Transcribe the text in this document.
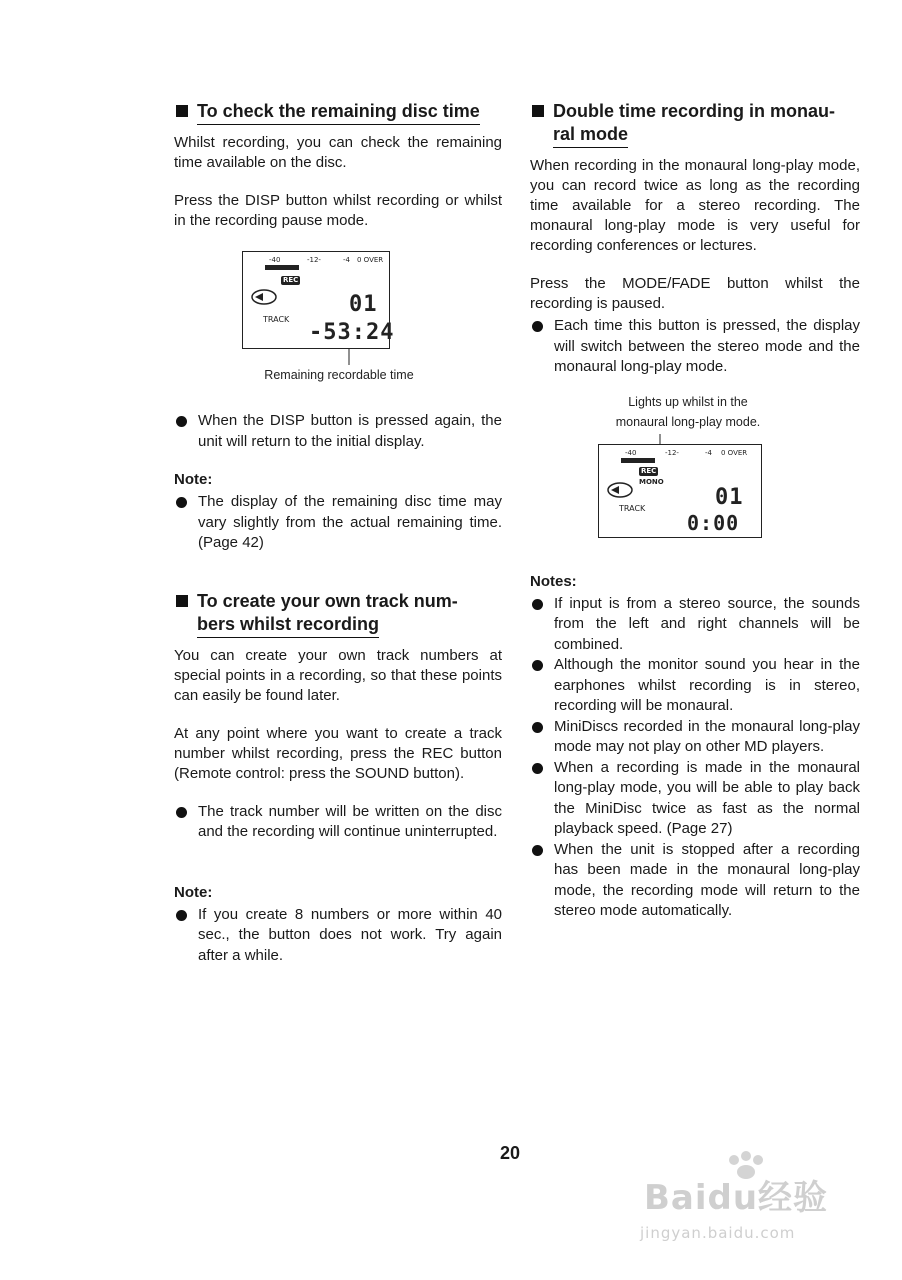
To check the remaining disc time

Whilst recording, you can check the remaining time available on the disc.

Press the DISP button whilst recording or whilst in the recording pause mode.

-40	-12-	-4 0 OVER
REC
TRACK
01
-53:24
Remaining recordable time
When the DISP button is pressed again, the unit will return to the initial display.
Note:
The display of the remaining disc time may vary slightly from the actual remaining time. (Page 42)
To create your own track num-
bers whilst recording

You can create your own track numbers at special points in a recording, so that these points can easily be found later.

At any point where you want to create a track number whilst recording, press the REC button (Remote control: press the SOUND button).

The track number will be written on the disc and the recording will continue uninterrupted.
Note:
If you create 8 numbers or more within 40 sec., the button does not work. Try again after a while.
Double time recording in monau-
ral mode

When recording in the monaural long-play mode, you can record twice as long as the recording time available for a stereo recording. The monaural long-play mode is very useful for recording conferences or lectures.

Press the MODE/FADE button whilst the recording is paused.

Each time this button is pressed, the display will switch between the stereo mode and the monaural long-play mode.
Lights up whilst in the
monaural long-play mode.
-40	-12-	-4 0 OVER
REC
MONO
TRACK	01
0:00
Notes:
If input is from a stereo source, the sounds from the left and right channels will be combined.
Although the monitor sound you hear in the earphones whilst recording is in stereo, recording will be monaural.
MiniDiscs recorded in the monaural long-play mode may not play on other MD players.
When a recording is made in the monaural long-play mode, you will be able to play back the MiniDisc twice as fast as the normal playback speed. (Page 27)
When the unit is stopped after a recording has been made in the monaural long-play mode, the recording mode will return to the stereo mode automatically.
20
Baidu经验
jingyan.baidu.com
